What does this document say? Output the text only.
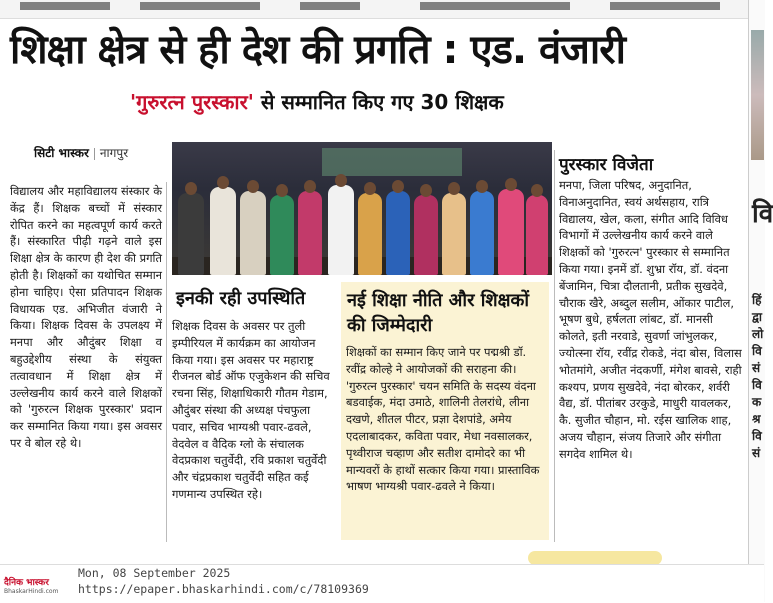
वि
हिं
द्वा
लो
वि
सं
वि
क
श्र
वि
सं
शिक्षा क्षेत्र से ही देश की प्रगति : एड. वंजारी
'गुरुरत्न पुरस्कार' से सम्मानित किए गए 30 शिक्षक
सिटी भास्कर नागपुर
विद्यालय और महाविद्यालय संस्कार के केंद्र हैं। शिक्षक बच्चों में संस्कार रोपित करने का महत्वपूर्ण कार्य करते हैं। संस्कारित पीढ़ी गढ़ने वाले इस शिक्षा क्षेत्र के कारण ही देश की प्रगति होती है। शिक्षकों का यथोचित सम्मान होना चाहिए। ऐसा प्रतिपादन शिक्षक विधायक एड. अभिजीत वंजारी ने किया। शिक्षक दिवस के उपलक्ष्य में मनपा और औदुंबर शिक्षा व बहुउद्देशीय संस्था के संयुक्त तत्वावधान में शिक्षा क्षेत्र में उल्लेखनीय कार्य करने वाले शिक्षकों को 'गुरुरत्न शिक्षक पुरस्कार' प्रदान कर सम्मानित किया गया। इस अवसर पर वे बोल रहे थे।
इनकी रही उपस्थिति
शिक्षक दिवस के अवसर पर तुली इम्पीरियल में कार्यक्रम का आयोजन किया गया। इस अवसर पर महाराष्ट्र रीजनल बोर्ड ऑफ एजुकेशन की सचिव रचना सिंह, शिक्षाधिकारी गौतम गेडाम, औदुंबर संस्था की अध्यक्ष पंचफुला पवार, सचिव भाग्यश्री पवार-ढवले, वेदवेल व वैदिक ग्लो के संचालक वेदप्रकाश चतुर्वेदी, रवि प्रकाश चतुर्वेदी और चंद्रप्रकाश चतुर्वेदी सहित कई गणमान्य उपस्थित रहे।
नई शिक्षा नीति और शिक्षकों की जिम्मेदारी
शिक्षकों का सम्मान किए जाने पर पद्मश्री डॉ. रवींद्र कोल्हे ने आयोजकों की सराहना की। 'गुरुरत्न पुरस्कार' चयन समिति के सदस्य वंदना बडवाईक, मंदा उमाठे, शालिनी तेलरांधे, लीना दखणे, शीतल पीटर, प्रज्ञा देशपांडे, अमेय एदलाबादकर, कविता पवार, मेधा नवसालकर, पृथ्वीराज चव्हाण और सतीश दामोदरे का भी मान्यवरों के हाथों सत्कार किया गया। प्रास्ताविक भाषण भाग्यश्री पवार-ढवले ने किया।
पुरस्कार विजेता
मनपा, जिला परिषद, अनुदानित, विनाअनुदानित, स्वयं अर्थसहाय, रात्रि विद्यालय, खेल, कला, संगीत आदि विविध विभागों में उल्लेखनीय कार्य करने वाले शिक्षकों को 'गुरुरत्न' पुरस्कार से सम्मानित किया गया। इनमें डॉ. शुभ्रा रॉय, डॉ. वंदना बेंजामिन, चित्रा दौलतानी, प्रतीक सुखदेवे, चौराक खैरे, अब्दुल सलीम, ओंकार पाटील, भूषण बुधे, हर्षलता लांबट, डॉ. मानसी कोलते, इती नरवाडे, सुवर्णा जांभुलकर, ज्योत्स्ना रॉय, रवींद्र रोकडे, नंदा बोस, विलास भोतमांगे, अजीत नंदकर्णी, मंगेश बावसे, राही कश्यप, प्रणय सुखदेवे, नंदा बोरकर, शर्वरी वैद्य, डॉ. पीतांबर उरकुडे, माधुरी यावलकर, कै. सुजीत चौहान, मो. रईस खालिक शाह, अजय चौहान, संजय तिजारे और संगीता सगदेव शामिल थे।
दैनिक भास्कर
BhaskarHindi.com
Mon, 08 September 2025
https://epaper.bhaskarhindi.com/c/78109369
